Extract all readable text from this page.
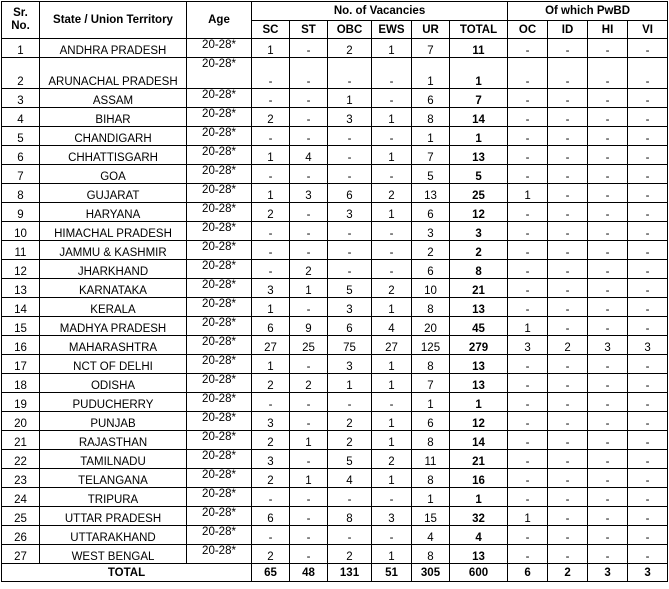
Sr. No.	State / Union Territory	Age	No. of Vacancies						Of which PwBD			
			SC	ST	OBC	EWS	UR	TOTAL	OC	ID	HI	VI
1	ANDHRA PRADESH	20-28*	1	-	2	1	7	11	-	-	-	-
2	ARUNACHAL PRADESH	20-28*	-	-	-	-	1	1	-	-	-	-
3	ASSAM	20-28*	-	-	1	-	6	7	-	-	-	-
4	BIHAR	20-28*	2	-	3	1	8	14	-	-	-	-
5	CHANDIGARH	20-28*	-	-	-	-	1	1	-	-	-	-
6	CHHATTISGARH	20-28*	1	4	-	1	7	13	-	-	-	-
7	GOA	20-28*	-	-	-	-	5	5	-	-	-	-
8	GUJARAT	20-28*	1	3	6	2	13	25	1	-	-	-
9	HARYANA	20-28*	2	-	3	1	6	12	-	-	-	-
10	HIMACHAL PRADESH	20-28*	-	-	-	-	3	3	-	-	-	-
11	JAMMU & KASHMIR	20-28*	-	-	-	-	2	2	-	-	-	-
12	JHARKHAND	20-28*	-	2	-	-	6	8	-	-	-	-
13	KARNATAKA	20-28*	3	1	5	2	10	21	-	-	-	-
14	KERALA	20-28*	1	-	3	1	8	13	-	-	-	-
15	MADHYA PRADESH	20-28*	6	9	6	4	20	45	1	-	-	-
16	MAHARASHTRA	20-28*	27	25	75	27	125	279	3	2	3	3
17	NCT OF DELHI	20-28*	1	-	3	1	8	13	-	-	-	-
18	ODISHA	20-28*	2	2	1	1	7	13	-	-	-	-
19	PUDUCHERRY	20-28*	-	-	-	-	1	1	-	-	-	-
20	PUNJAB	20-28*	3	-	2	1	6	12	-	-	-	-
21	RAJASTHAN	20-28*	2	1	2	1	8	14	-	-	-	-
22	TAMILNADU	20-28*	3	-	5	2	11	21	-	-	-	-
23	TELANGANA	20-28*	2	1	4	1	8	16	-	-	-	-
24	TRIPURA	20-28*	-	-	-	-	1	1	-	-	-	-
25	UTTAR PRADESH	20-28*	6	-	8	3	15	32	1	-	-	-
26	UTTARAKHAND	20-28*	-	-	-	-	4	4	-	-	-	-
27	WEST BENGAL	20-28*	2	-	2	1	8	13	-	-	-	-
TOTAL			65	48	131	51	305	600	6	2	3	3
